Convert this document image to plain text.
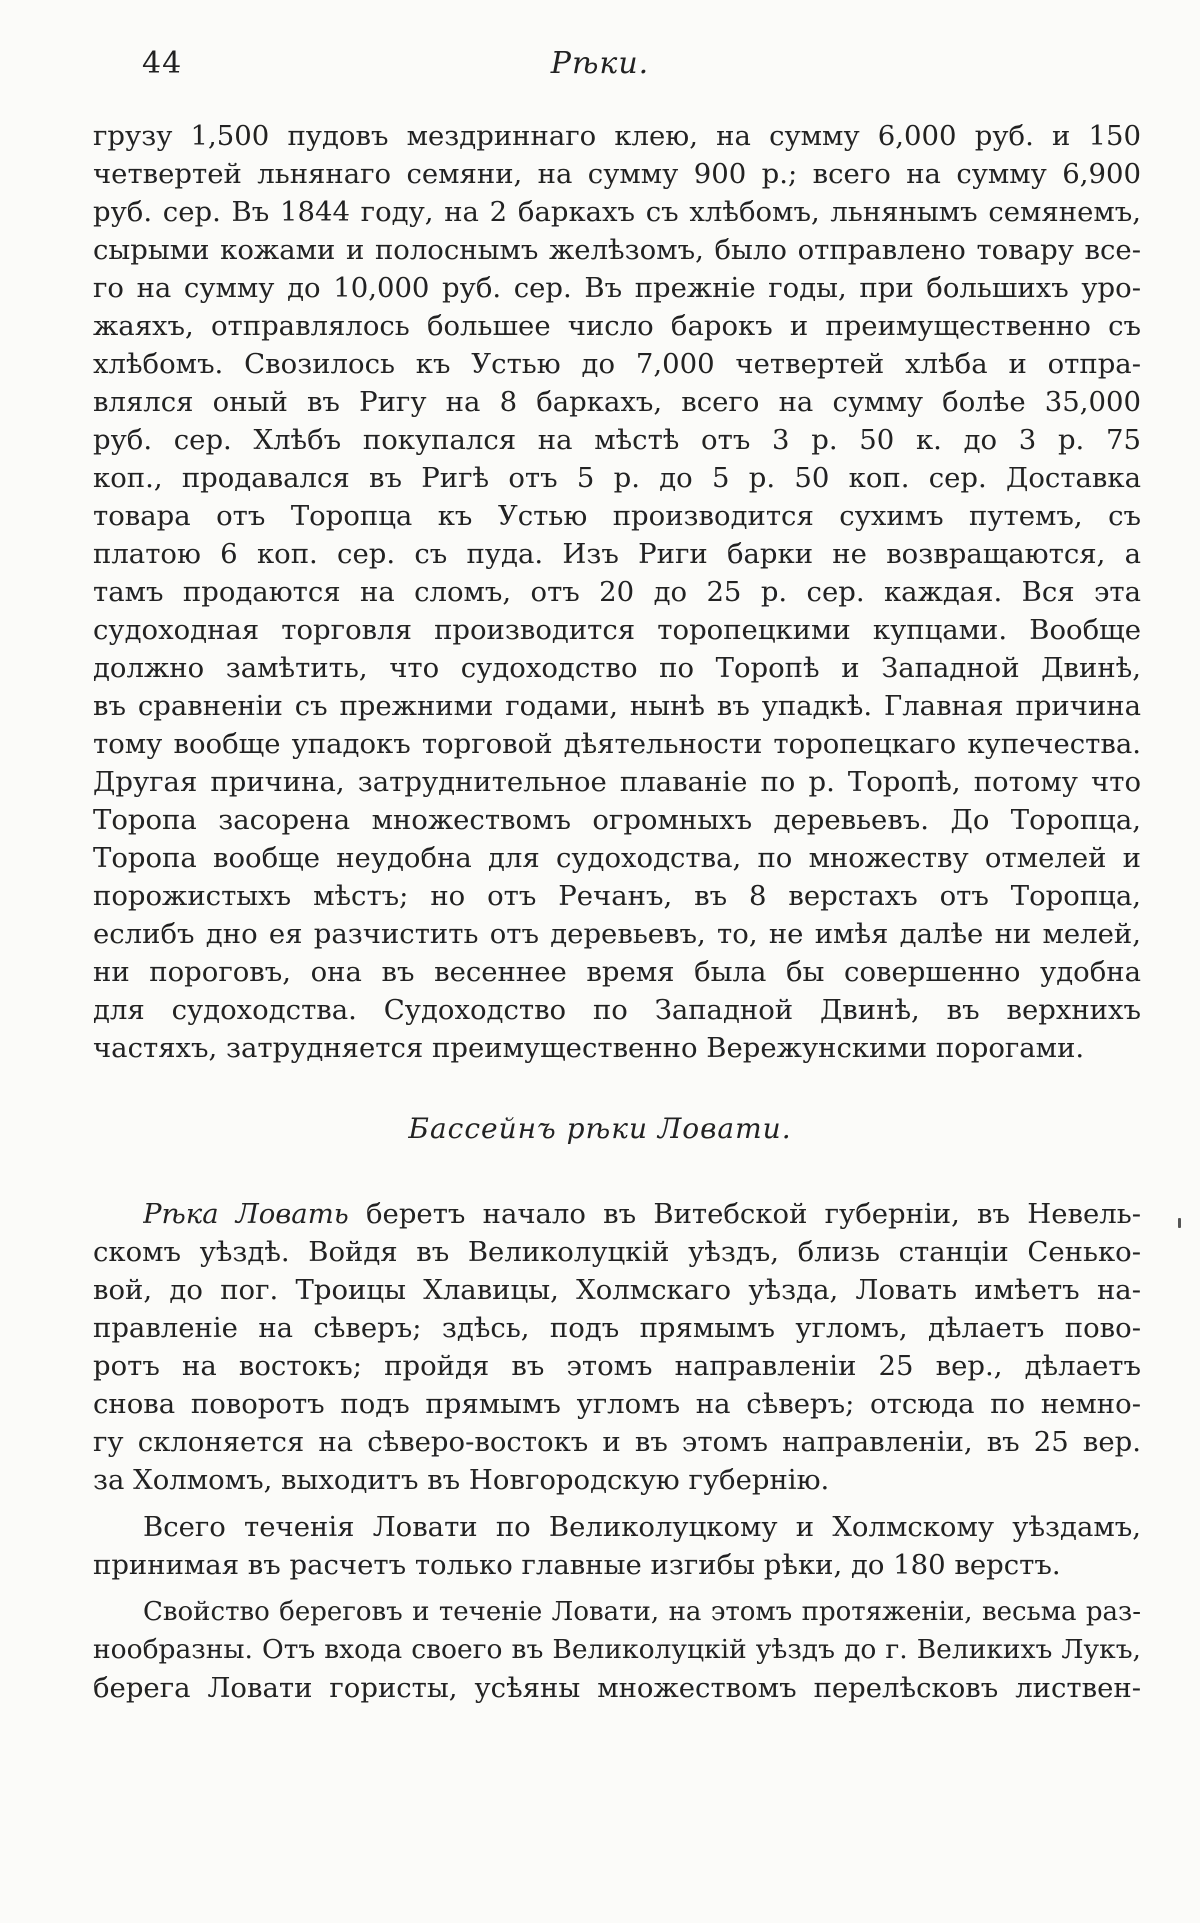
44	Рѣки.
грузу 1,500 пудовъ мездриннаго клею, на сумму 6,000 руб. и 150
четвертей льнянаго семяни, на сумму 900 р.; всего на сумму 6,900
руб. сер. Въ 1844 году, на 2 баркахъ съ хлѣбомъ, льнянымъ семянемъ,
сырыми кожами и полоснымъ желѣзомъ, было отправлено товару все-
го на сумму до 10,000 руб. сер. Въ прежніе годы, при большихъ уро-
жаяхъ, отправлялось большее число барокъ и преимущественно съ
хлѣбомъ. Свозилось къ Устью до 7,000 четвертей хлѣба и отпра-
влялся оный въ Ригу на 8 баркахъ, всего на сумму болѣе 35,000
руб. сер. Хлѣбъ покупался на мѣстѣ отъ 3 р. 50 к. до 3 р. 75
коп., продавался въ Ригѣ отъ 5 р. до 5 р. 50 коп. сер. Доставка
товара отъ Торопца къ Устью производится сухимъ путемъ, съ
платою 6 коп. сер. съ пуда. Изъ Риги барки не возвращаются, а
тамъ продаются на сломъ, отъ 20 до 25 р. сер. каждая. Вся эта
судоходная торговля производится торопецкими купцами. Вообще
должно замѣтить, что судоходство по Торопѣ и Западной Двинѣ,
въ сравненіи съ прежними годами, нынѣ въ упадкѣ. Главная причина
тому вообще упадокъ торговой дѣятельности торопецкаго купечества.
Другая причина, затруднительное плаваніе по р. Торопѣ, потому что
Торопа засорена множествомъ огромныхъ деревьевъ. До Торопца,
Торопа вообще неудобна для судоходства, по множеству отмелей и
порожистыхъ мѣстъ; но отъ Речанъ, въ 8 верстахъ отъ Торопца,
еслибъ дно ея разчистить отъ деревьевъ, то, не имѣя далѣе ни мелей,
ни пороговъ, она въ весеннее время была бы совершенно удобна
для судоходства. Судоходство по Западной Двинѣ, въ верхнихъ
частяхъ, затрудняется преимущественно Вережунскими порогами.
Бассейнъ рѣки Ловати.
Рѣка Ловать беретъ начало въ Витебской губерніи, въ Невель-
скомъ уѣздѣ. Войдя въ Великолуцкій уѣздъ, близь станціи Сенько-
вой, до пог. Троицы Хлавицы, Холмскаго уѣзда, Ловать имѣетъ на-
правленіе на сѣверъ; здѣсь, подъ прямымъ угломъ, дѣлаетъ пово-
ротъ на востокъ; пройдя въ этомъ направленіи 25 вер., дѣлаетъ
снова поворотъ подъ прямымъ угломъ на сѣверъ; отсюда по немно-
гу склоняется на сѣверо-востокъ и въ этомъ направленіи, въ 25 вер.
за Холмомъ, выходитъ въ Новгородскую губернію.
Всего теченія Ловати по Великолуцкому и Холмскому уѣздамъ,
принимая въ расчетъ только главные изгибы рѣки, до 180 верстъ.
Свойство береговъ и теченіе Ловати, на этомъ протяженіи, весьма раз-
нообразны. Отъ входа своего въ Великолуцкій уѣздъ до г. Великихъ Лукъ,
берега Ловати гористы, усѣяны множествомъ перелѣсковъ листвен-
